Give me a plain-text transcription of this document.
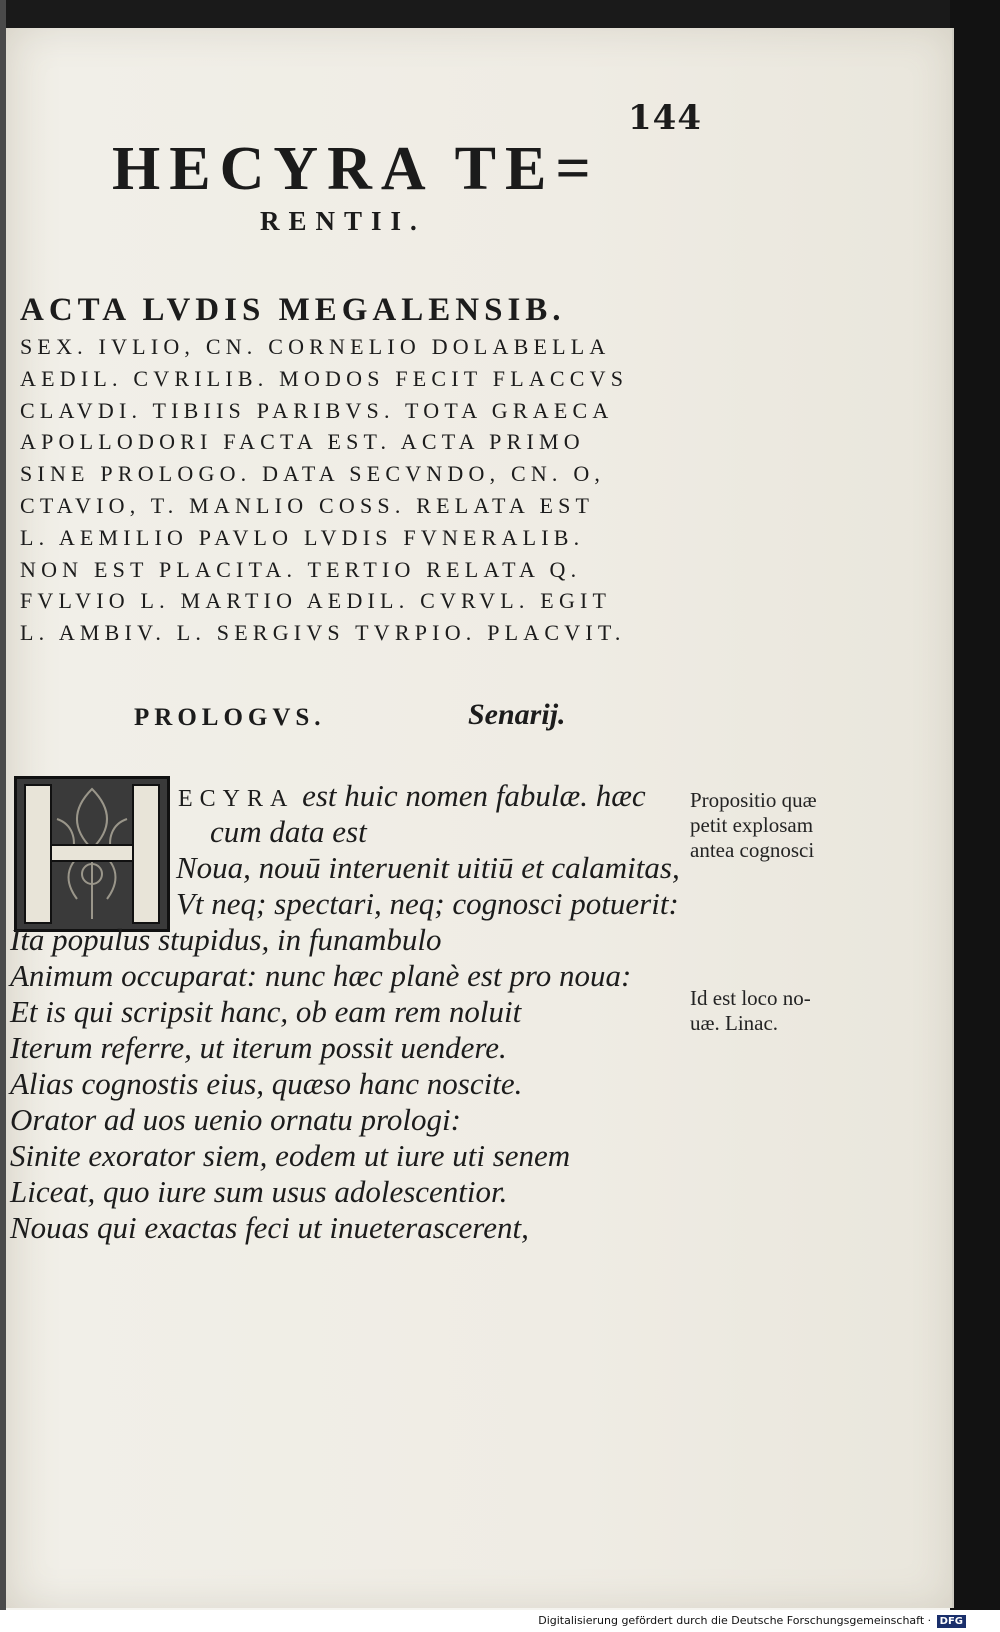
144
HECYRA TE=
RENTII.
ACTA LVDIS MEGALENSIB.
SEX. IVLIO, CN. CORNELIO DOLABELLA
AEDIL. CVRILIB. MODOS FECIT FLACCVS
CLAVDI. TIBIIS PARIBVS. TOTA GRAECA
APOLLODORI FACTA EST. ACTA PRIMO
SINE PROLOGO. DATA SECVNDO, CN. O,
CTAVIO, T. MANLIO COSS. RELATA EST
L. AEMILIO PAVLO LVDIS FVNERALIB.
NON EST PLACITA. TERTIO RELATA Q.
FVLVIO L. MARTIO AEDIL. CVRVL. EGIT
L. AMBIV. L. SERGIVS TVRPIO. PLACVIT.
PROLOGVS.	Senarij.
ECYRA est huic nomen fabulæ. hæc
cum data est
Noua, nouū interuenit uitiū et calamitas,
Vt neq; spectari, neq; cognosci potuerit:
Ita populus stupidus, in funambulo
Animum occuparat: nunc hæc planè est pro noua:
Et is qui scripsit hanc, ob eam rem noluit
Iterum referre, ut iterum possit uendere.
Alias cognostis eius, quæso hanc noscite.
Orator ad uos uenio ornatu prologi:
Sinite exorator siem, eodem ut iure uti senem
Liceat, quo iure sum usus adolescentior.
Nouas qui exactas feci ut inueterascerent,
Propositio quæ
petit explosam
antea cognosci
Id est loco no-
uæ. Linac.
Digitalisierung gefördert durch die Deutsche Forschungsgemeinschaft · DFG
